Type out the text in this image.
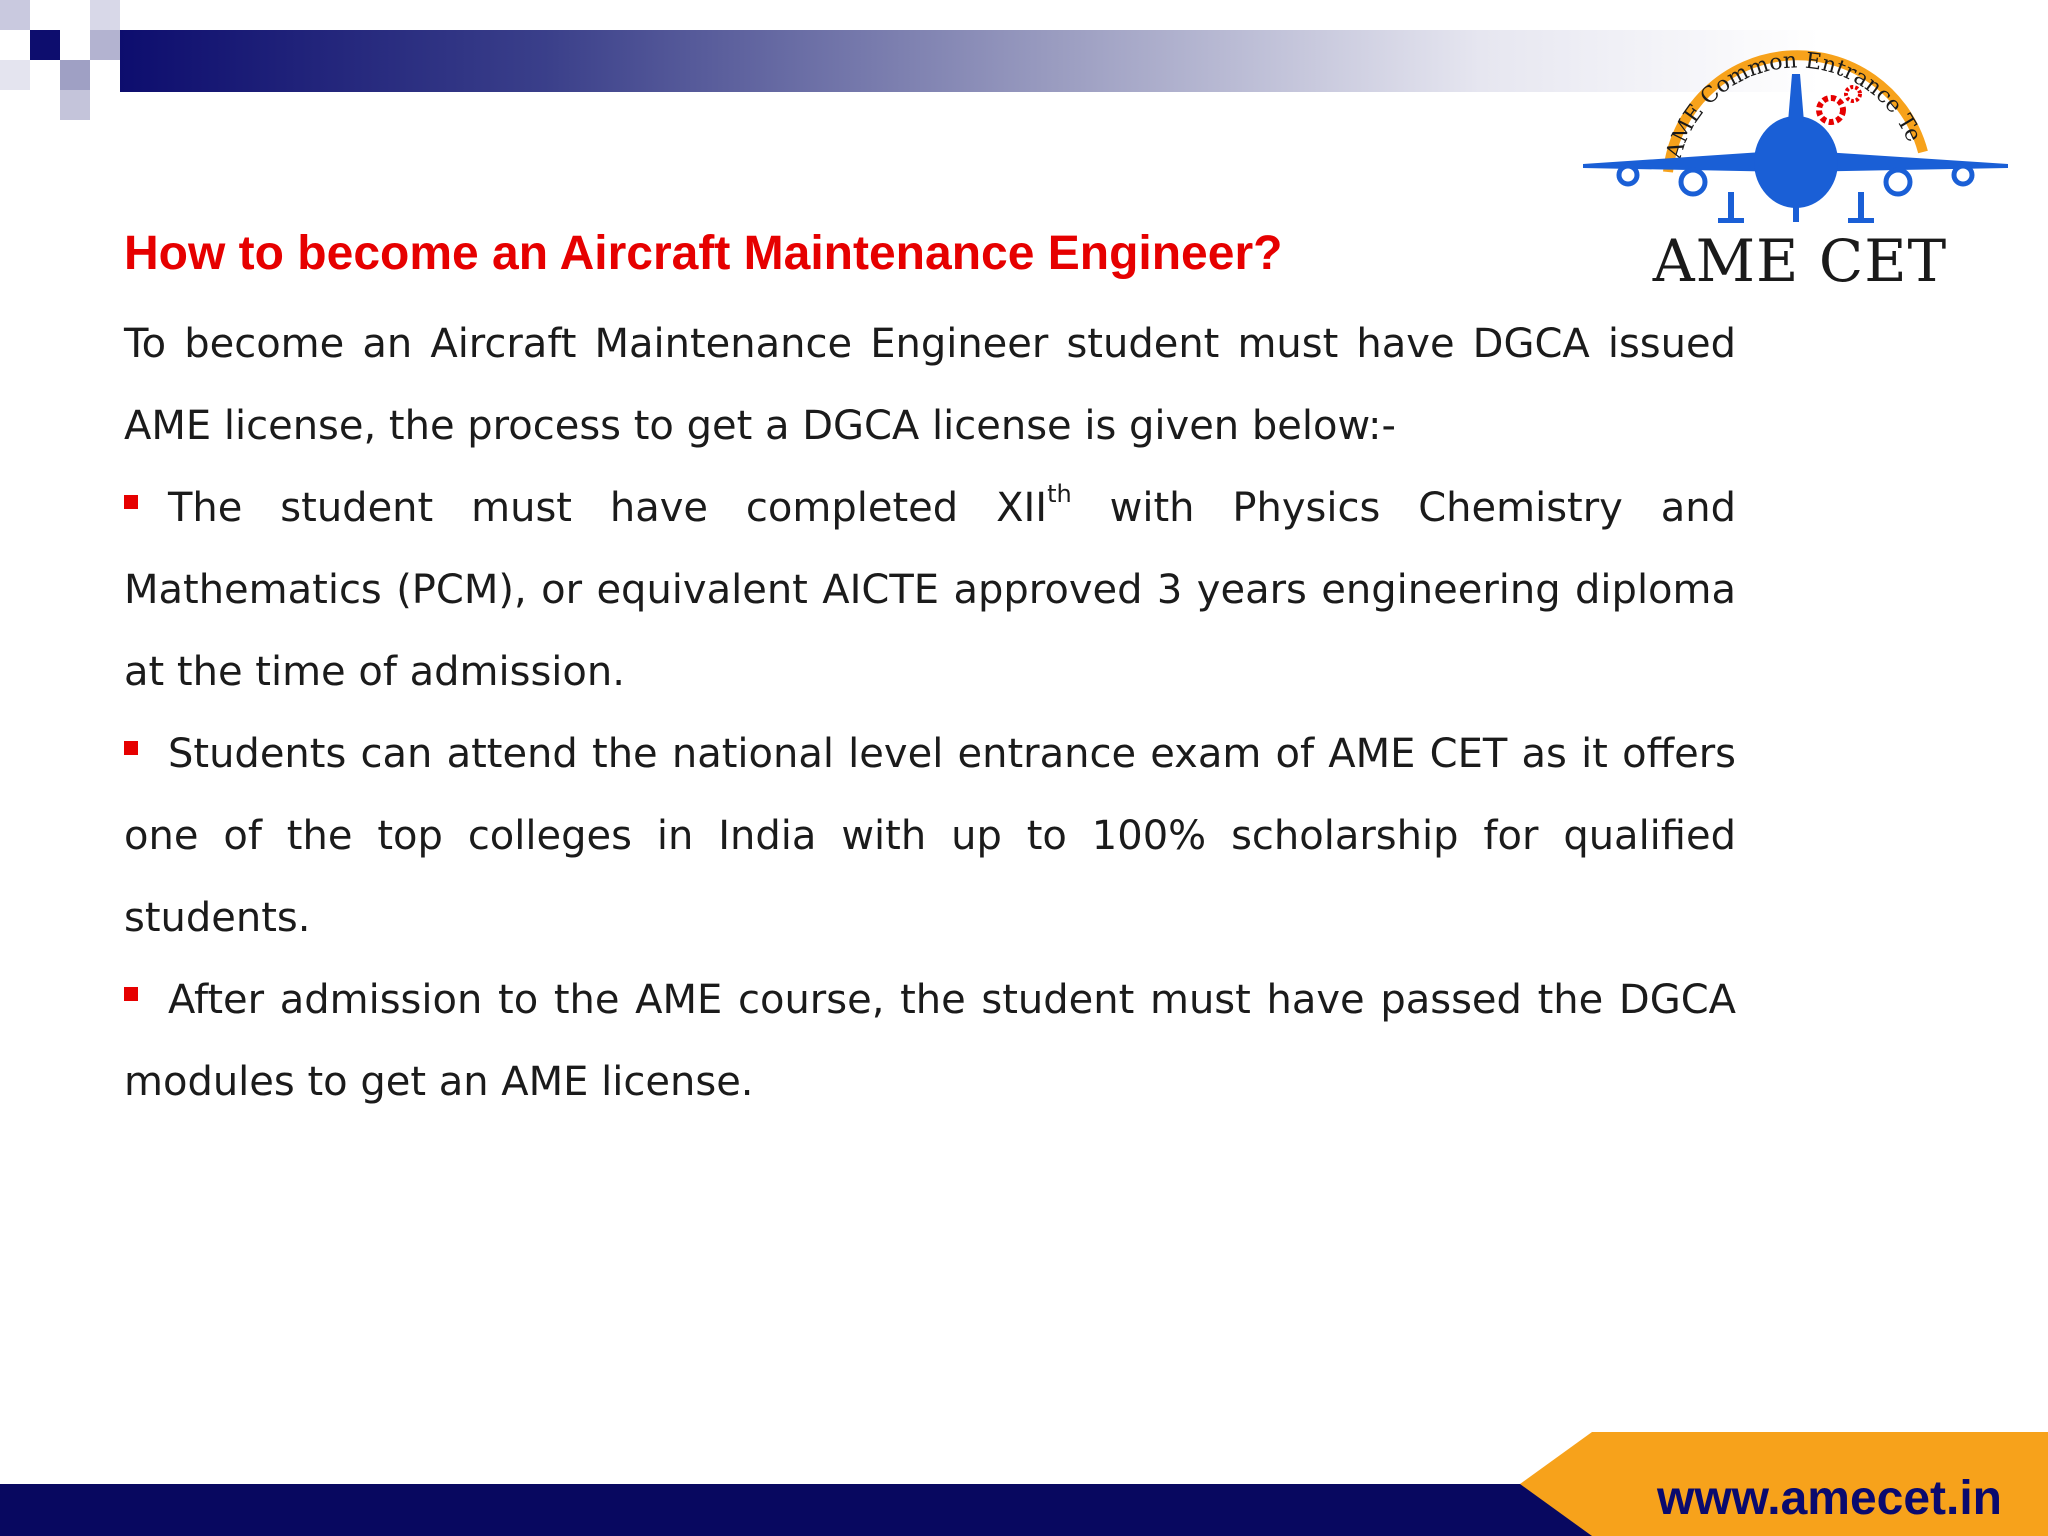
AME Common Entrance Te
AME CET
How to become an Aircraft Maintenance Engineer?

To become an Aircraft Maintenance Engineer student must have DGCA issued AME license, the process to get a DGCA license is given below:-

The student must have completed XIIth with Physics Chemistry and Mathematics (PCM), or equivalent AICTE approved 3 years engineering diploma at the time of admission.

Students can attend the national level entrance exam of AME CET as it offers one of the top colleges in India with up to 100% scholarship for qualified students.

After admission to the AME course, the student must have passed the DGCA modules to get an AME license.

www.amecet.in
